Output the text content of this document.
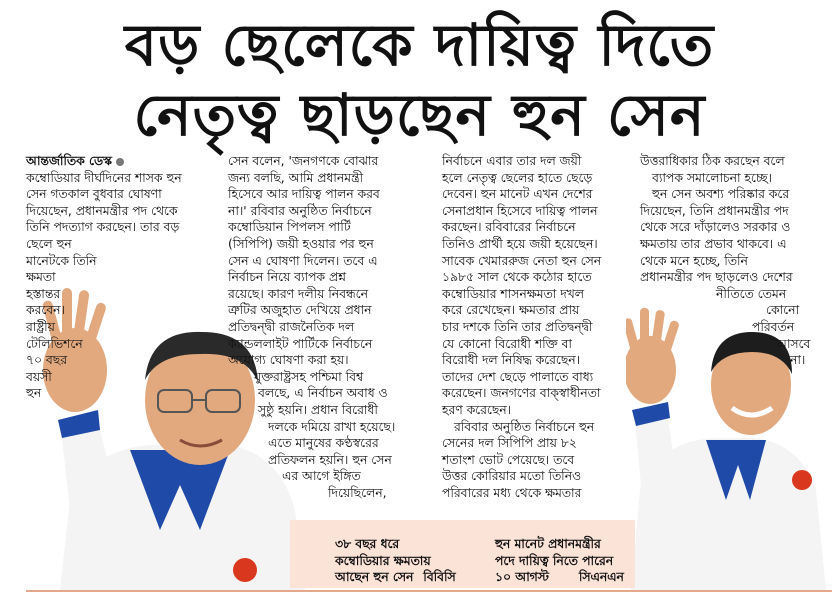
বড় ছেলেকে দায়িত্ব দিতে
নেতৃত্ব ছাড়ছেন হুন সেন

আন্তর্জাতিক ডেস্ক

কম্বোডিয়ার দীর্ঘদিনের শাসক হুন

সেন গতকাল বুধবার ঘোষণা

দিয়েছেন, প্রধানমন্ত্রীর পদ থেকে

তিনি পদত্যাগ করছেন। তার বড়

ছেলে হুন

মানেটকে তিনি

ক্ষমতা

হস্তান্তর

করবেন।

রাষ্ট্রীয়

টেলিভিশনে

৭০ বছর

বয়সী

হুন

সেন বলেন, 'জনগণকে বোঝার

জন্য বলছি, আমি প্রধানমন্ত্রী

হিসেবে আর দায়িত্ব পালন করব

না।' রবিবার অনুষ্ঠিত নির্বাচনে

কম্বোডিয়ান পিপলস পার্টি

(সিপিপি) জয়ী হওয়ার পর হুন

সেন এ ঘোষণা দিলেন। তবে এ

নির্বাচন নিয়ে ব্যাপক প্রশ্ন

রয়েছে। কারণ দলীয় নিবন্ধনে

ত্রুটির অজুহাত দেখিয়ে প্রধান

প্রতিদ্বন্দ্বী রাজনৈতিক দল

ক্যান্ডললাইট পার্টিকে নির্বাচনে

অযোগ্য ঘোষণা করা হয়।

যুক্তরাষ্ট্রসহ পশ্চিমা বিশ্ব

বলছে, এ নির্বাচন অবাধ ও

সুষ্ঠু হয়নি। প্রধান বিরোধী

দলকে দমিয়ে রাখা হয়েছে।

এতে মানুষের কণ্ঠস্বরের

প্রতিফলন হয়নি। হুন সেন

এর আগে ইঙ্গিত

দিয়েছিলেন,

নির্বাচনে এবার তার দল জয়ী

হলে নেতৃত্ব ছেলের হাতে ছেড়ে

দেবেন। হুন মানেট এখন দেশের

সেনাপ্রধান হিসেবে দায়িত্ব পালন

করছেন। রবিবারের নির্বাচনে

তিনিও প্রার্থী হয়ে জয়ী হয়েছেন।

সাবেক খেমাররুজ নেতা হুন সেন

১৯৮৫ সাল থেকে কঠোর হাতে

কম্বোডিয়ার শাসনক্ষমতা দখল

করে রেখেছেন। ক্ষমতার প্রায়

চার দশকে তিনি তার প্রতিদ্বন্দ্বী

যে কোনো বিরোধী শক্তি বা

বিরোধী দল নিষিদ্ধ করেছেন।

তাদের দেশ ছেড়ে পালাতে বাধ্য

করেছেন। জনগণের বাক্স্বাধীনতা

হরণ করেছেন।

রবিবার অনুষ্ঠিত নির্বাচনে হুন

সেনের দল সিপিপি প্রায় ৮২

শতাংশ ভোট পেয়েছে। তবে

উত্তর কোরিয়ার মতো তিনিও

পরিবারের মধ্য থেকে ক্ষমতার

উত্তরাধিকার ঠিক করছেন বলে

ব্যাপক সমালোচনা হচ্ছে।

হুন সেন অবশ্য পরিষ্কার করে

দিয়েছেন, তিনি প্রধানমন্ত্রীর পদ

থেকে সরে দাঁড়ালেও সরকার ও

ক্ষমতায় তার প্রভাব থাকবে। এ

থেকে মনে হচ্ছে, তিনি

প্রধানমন্ত্রীর পদ ছাড়লেও দেশের

নীতিতে তেমন

কোনো

পরিবর্তন

আসবে

না।

৩৮ বছর ধরে

কম্বোডিয়ার ক্ষমতায়

আছেন হুন সেন বিবিসি

হুন মানেট প্রধানমন্ত্রীর

পদে দায়িত্ব নিতে পারেন

১০ আগস্ট সিএনএন
